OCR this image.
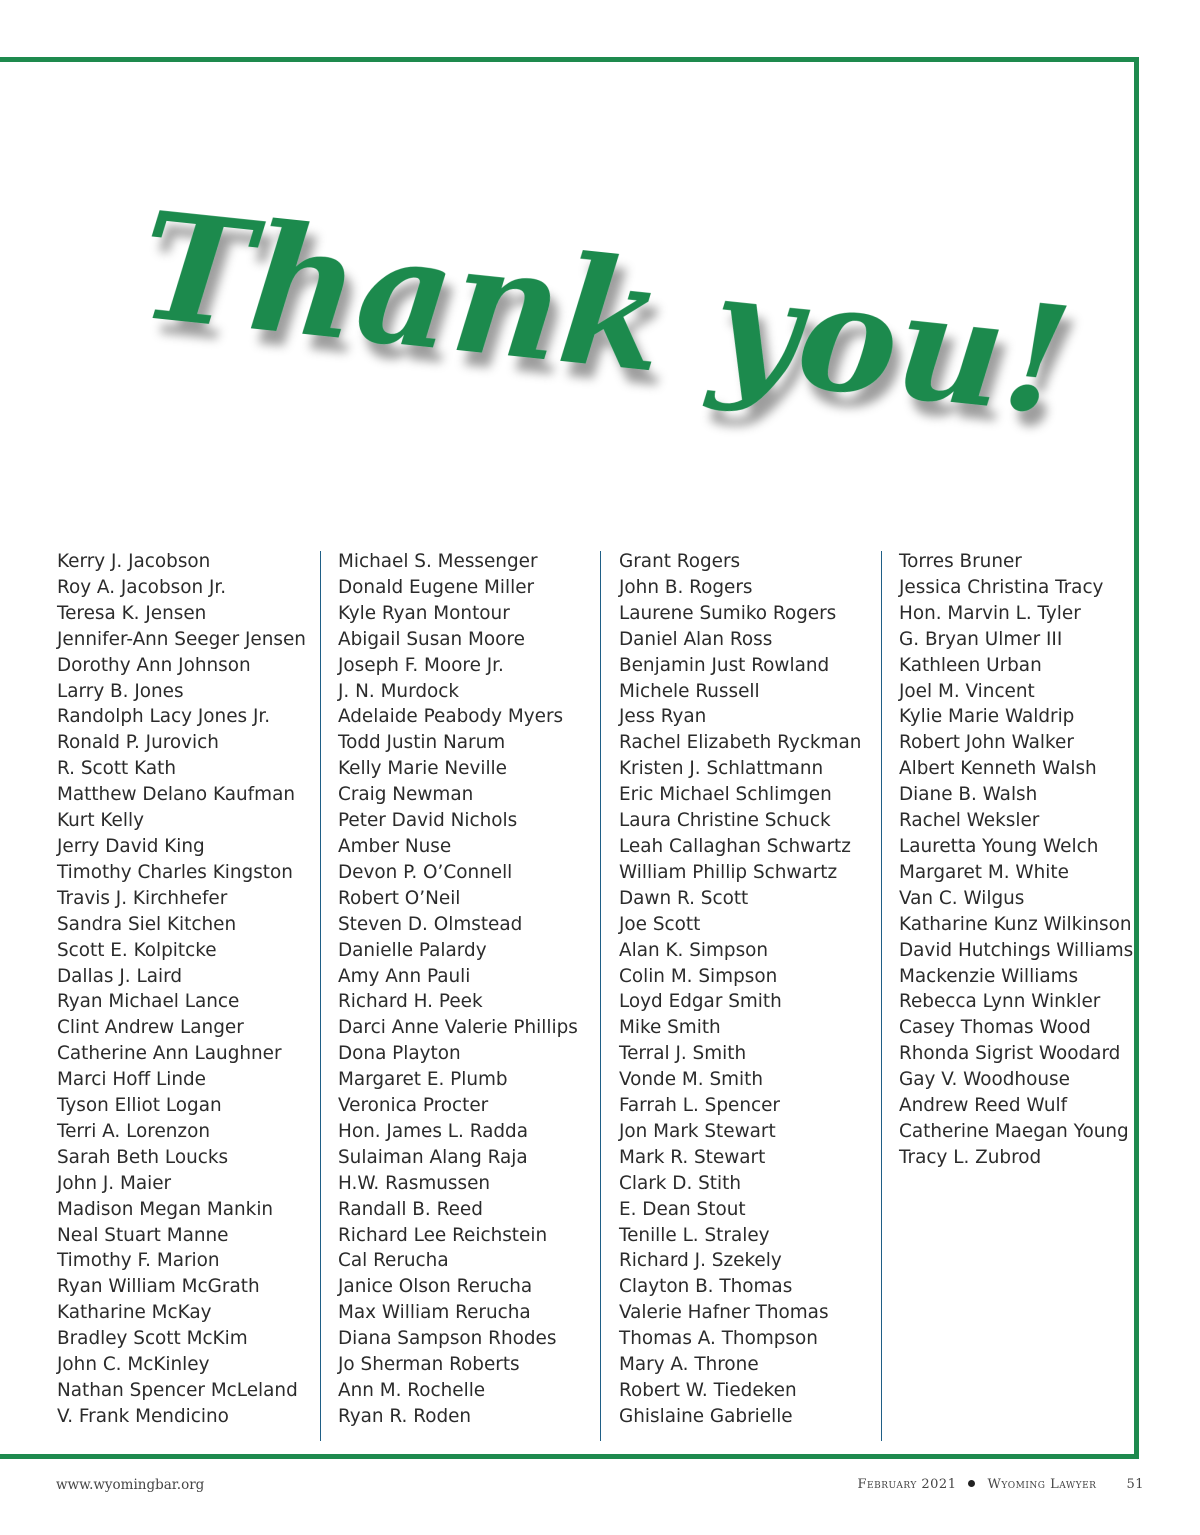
Thank you!
Kerry J. Jacobson
Roy A. Jacobson Jr.
Teresa K. Jensen
Jennifer-Ann Seeger Jensen
Dorothy Ann Johnson
Larry B. Jones
Randolph Lacy Jones Jr.
Ronald P. Jurovich
R. Scott Kath
Matthew Delano Kaufman
Kurt Kelly
Jerry David King
Timothy Charles Kingston
Travis J. Kirchhefer
Sandra Siel Kitchen
Scott E. Kolpitcke
Dallas J. Laird
Ryan Michael Lance
Clint Andrew Langer
Catherine Ann Laughner
Marci Hoff Linde
Tyson Elliot Logan
Terri A. Lorenzon
Sarah Beth Loucks
John J. Maier
Madison Megan Mankin
Neal Stuart Manne
Timothy F. Marion
Ryan William McGrath
Katharine McKay
Bradley Scott McKim
John C. McKinley
Nathan Spencer McLeland
V. Frank Mendicino
Michael S. Messenger
Donald Eugene Miller
Kyle Ryan Montour
Abigail Susan Moore
Joseph F. Moore Jr.
J. N. Murdock
Adelaide Peabody Myers
Todd Justin Narum
Kelly Marie Neville
Craig Newman
Peter David Nichols
Amber Nuse
Devon P. O’Connell
Robert O’Neil
Steven D. Olmstead
Danielle Palardy
Amy Ann Pauli
Richard H. Peek
Darci Anne Valerie Phillips
Dona Playton
Margaret E. Plumb
Veronica Procter
Hon. James L. Radda
Sulaiman Alang Raja
H.W. Rasmussen
Randall B. Reed
Richard Lee Reichstein
Cal Rerucha
Janice Olson Rerucha
Max William Rerucha
Diana Sampson Rhodes
Jo Sherman Roberts
Ann M. Rochelle
Ryan R. Roden
Grant Rogers
John B. Rogers
Laurene Sumiko Rogers
Daniel Alan Ross
Benjamin Just Rowland
Michele Russell
Jess Ryan
Rachel Elizabeth Ryckman
Kristen J. Schlattmann
Eric Michael Schlimgen
Laura Christine Schuck
Leah Callaghan Schwartz
William Phillip Schwartz
Dawn R. Scott
Joe Scott
Alan K. Simpson
Colin M. Simpson
Loyd Edgar Smith
Mike Smith
Terral J. Smith
Vonde M. Smith
Farrah L. Spencer
Jon Mark Stewart
Mark R. Stewart
Clark D. Stith
E. Dean Stout
Tenille L. Straley
Richard J. Szekely
Clayton B. Thomas
Valerie Hafner Thomas
Thomas A. Thompson
Mary A. Throne
Robert W. Tiedeken
Ghislaine Gabrielle
Torres Bruner
Jessica Christina Tracy
Hon. Marvin L. Tyler
G. Bryan Ulmer III
Kathleen Urban
Joel M. Vincent
Kylie Marie Waldrip
Robert John Walker
Albert Kenneth Walsh
Diane B. Walsh
Rachel Weksler
Lauretta Young Welch
Margaret M. White
Van C. Wilgus
Katharine Kunz Wilkinson
David Hutchings Williams
Mackenzie Williams
Rebecca Lynn Winkler
Casey Thomas Wood
Rhonda Sigrist Woodard
Gay V. Woodhouse
Andrew Reed Wulf
Catherine Maegan Young
Tracy L. Zubrod
www.wyomingbar.org	February 2021 Wyoming Lawyer 51
